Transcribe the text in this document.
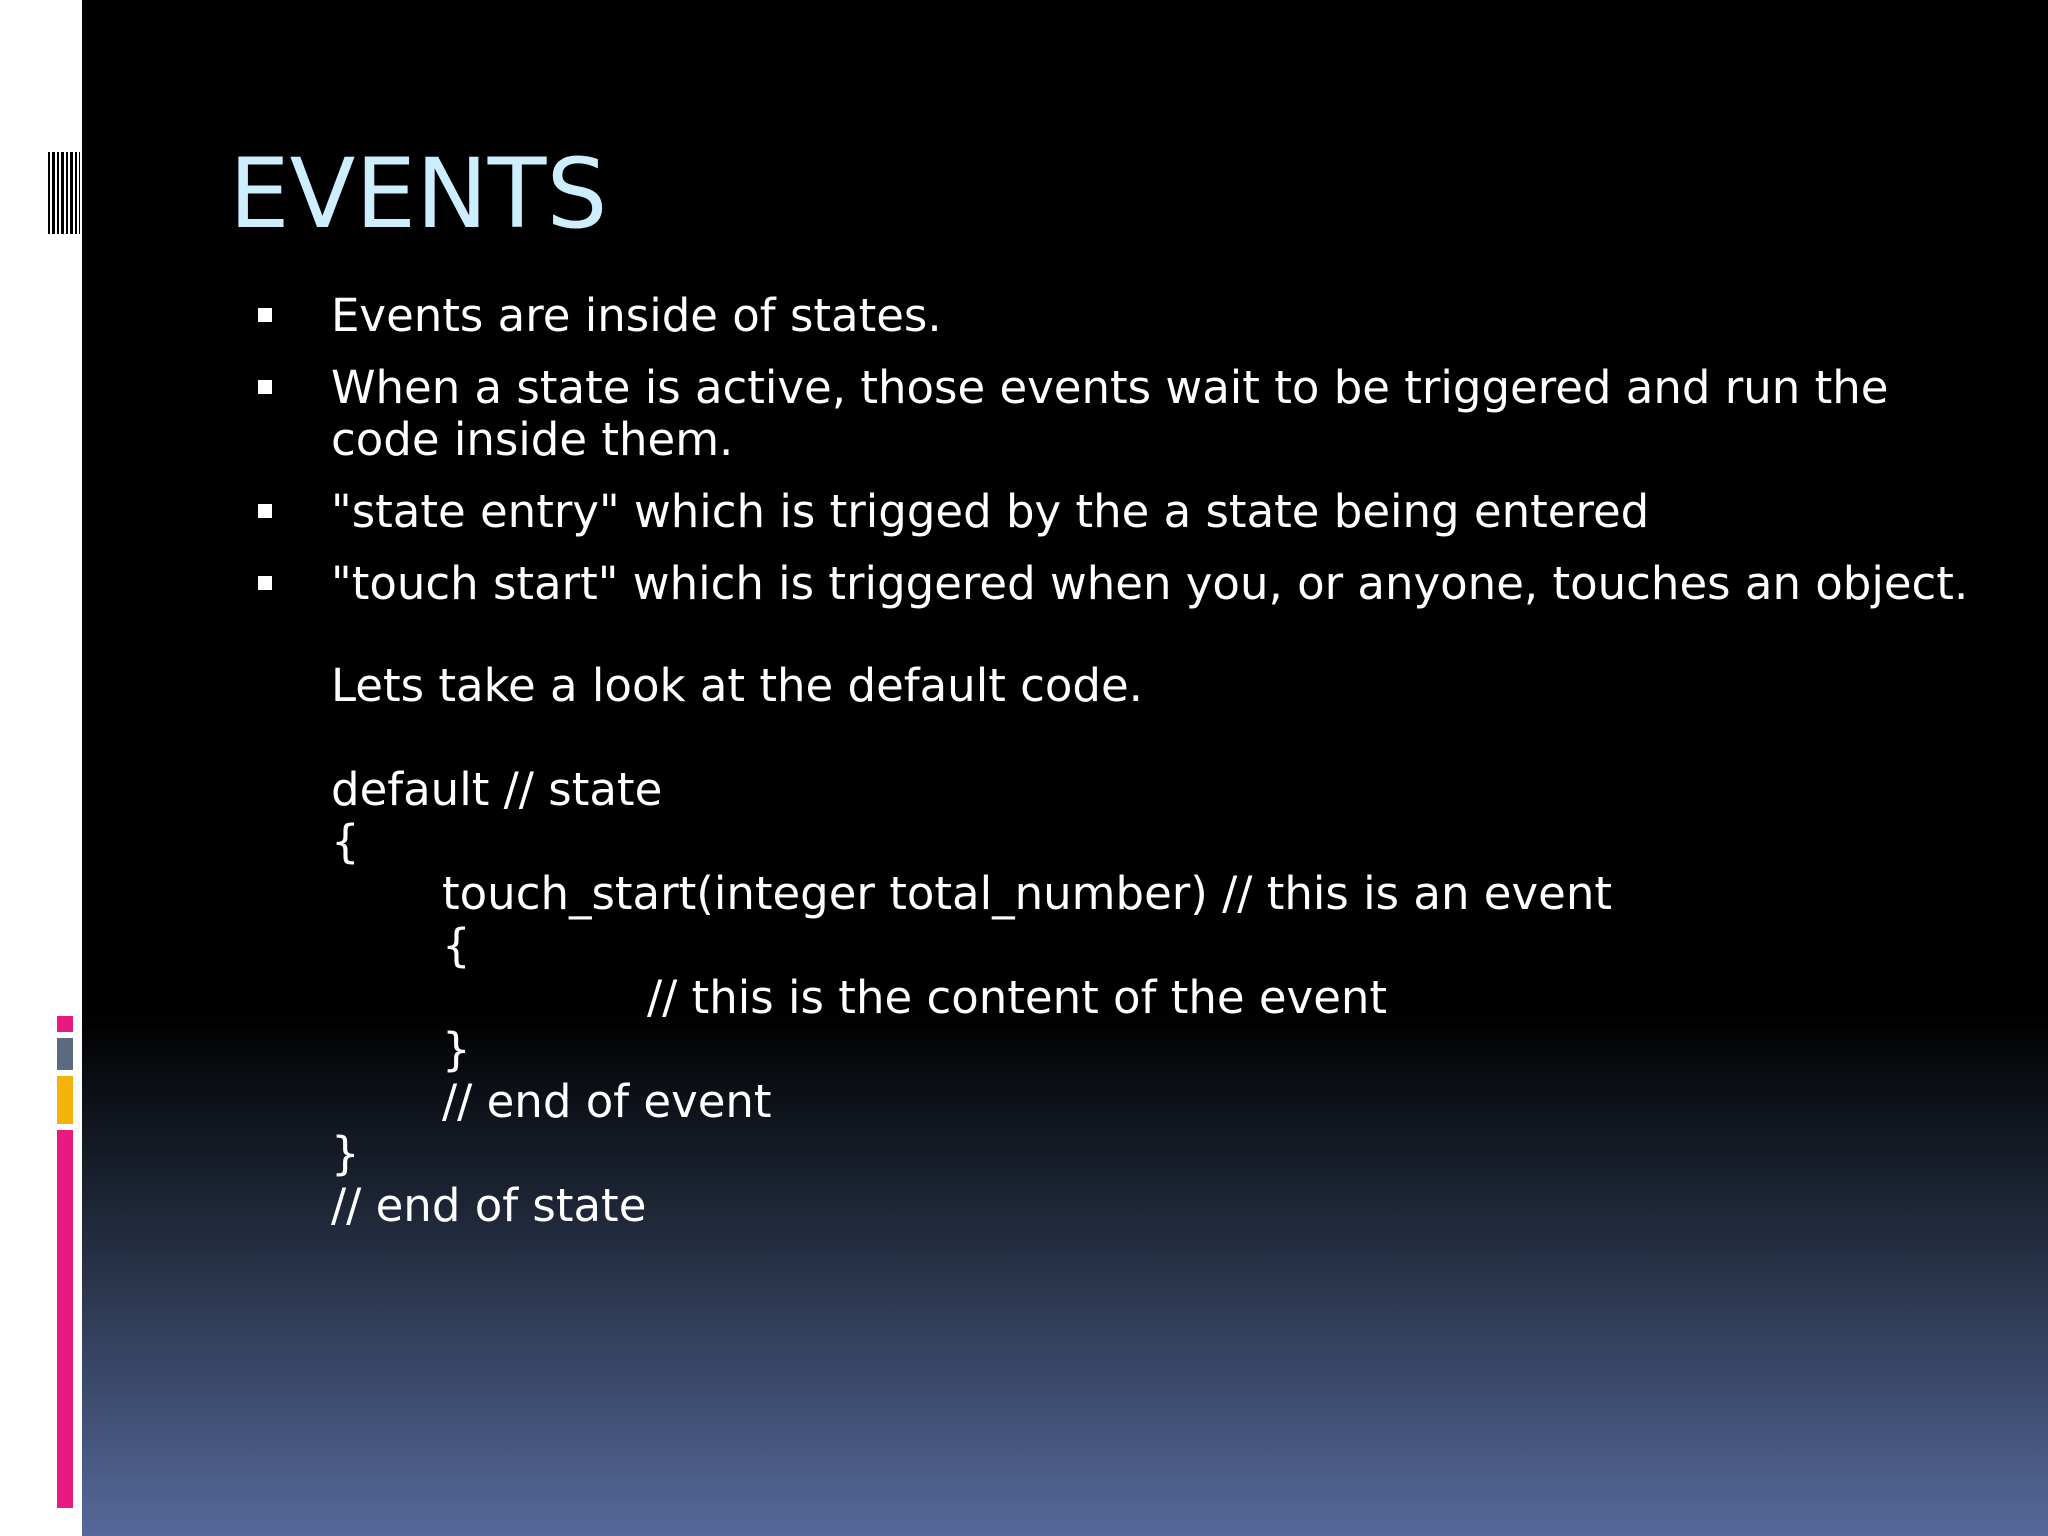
EVENTS
Events are inside of states.
When a state is active, those events wait to be triggered and run the
code inside them.
"state entry" which is trigged by the a state being entered
"touch start" which is triggered when you, or anyone, touches an object.
Lets take a look at the default code.
default // state
{
touch_start(integer total_number) // this is an event
{
// this is the content of the event
}
// end of event
}
// end of state
